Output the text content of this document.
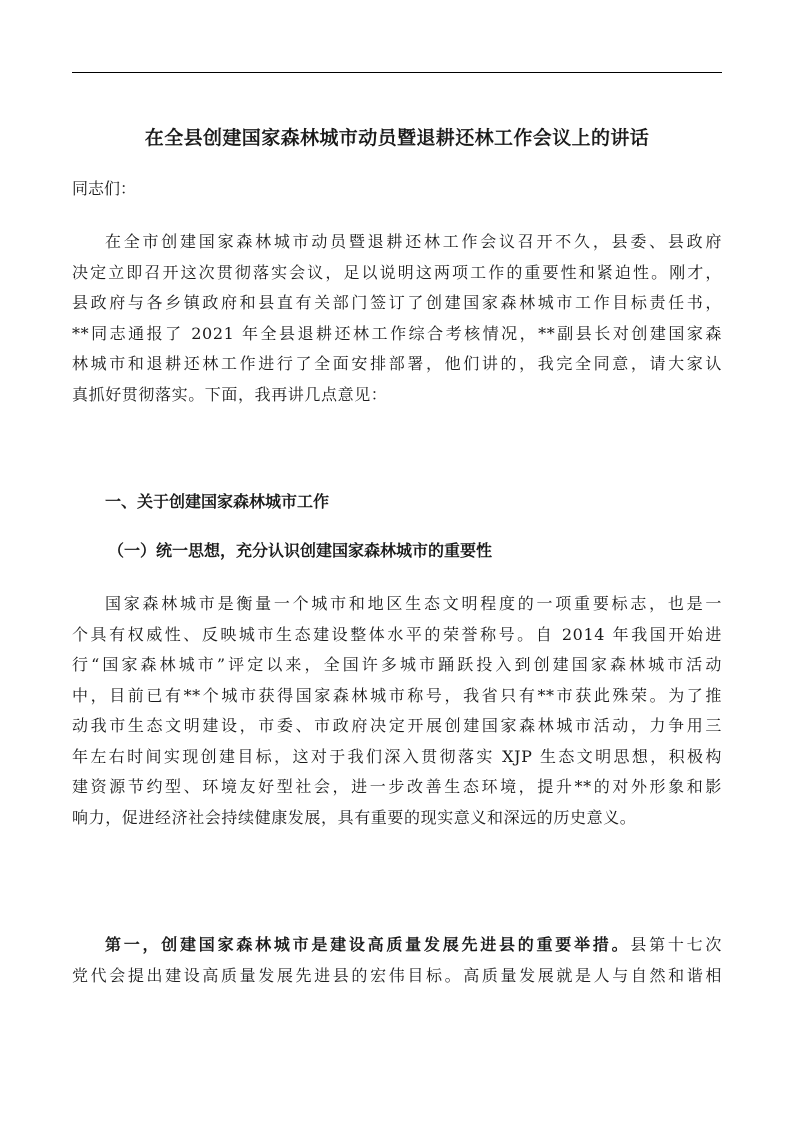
在全县创建国家森林城市动员暨退耕还林工作会议上的讲话
同志们：
在全市创建国家森林城市动员暨退耕还林工作会议召开不久，县委、县政府
决定立即召开这次贯彻落实会议，足以说明这两项工作的重要性和紧迫性。刚才，
县政府与各乡镇政府和县直有关部门签订了创建国家森林城市工作目标责任书，
**同志通报了 2021 年全县退耕还林工作综合考核情况，**副县长对创建国家森
林城市和退耕还林工作进行了全面安排部署，他们讲的，我完全同意，请大家认
真抓好贯彻落实。下面，我再讲几点意见：
一、关于创建国家森林城市工作
（一）统一思想，充分认识创建国家森林城市的重要性
国家森林城市是衡量一个城市和地区生态文明程度的一项重要标志，也是一
个具有权威性、反映城市生态建设整体水平的荣誉称号。自 2014 年我国开始进
行“国家森林城市”评定以来，全国许多城市踊跃投入到创建国家森林城市活动
中，目前已有**个城市获得国家森林城市称号，我省只有**市获此殊荣。为了推
动我市生态文明建设，市委、市政府决定开展创建国家森林城市活动，力争用三
年左右时间实现创建目标，这对于我们深入贯彻落实 XJP 生态文明思想，积极构
建资源节约型、环境友好型社会，进一步改善生态环境，提升**的对外形象和影
响力，促进经济社会持续健康发展，具有重要的现实意义和深远的历史意义。
第一，创建国家森林城市是建设高质量发展先进县的重要举措。县第十七次
党代会提出建设高质量发展先进县的宏伟目标。高质量发展就是人与自然和谐相
